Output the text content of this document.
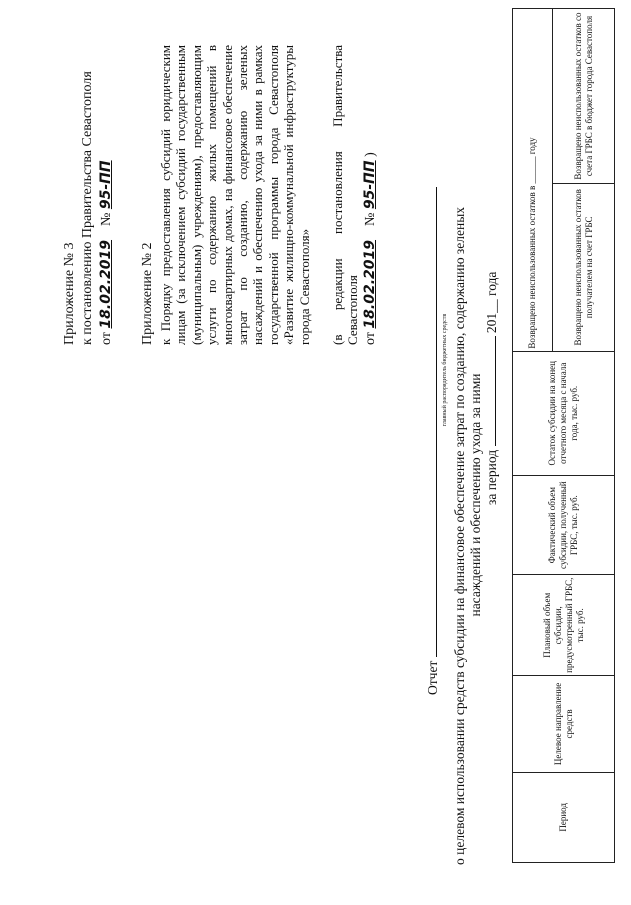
Приложение № 3 к постановлению Правительства Севастополя от 18.02.2019    № 95-ПП
Приложение № 2 к Порядку предоставления субсидий юридическим лицам (за исключением субсидий государственным (муниципальным) учреждениям), предоставляющим услуги по содержанию жилых помещений в многоквартирных домах, на финансовое обеспечение затрат по созданию, содержанию зеленых насаждений и обеспечению ухода за ними в рамках государственной программы города Севастополя «Развитие жилищно-коммунальной инфраструктуры города Севастополя» (в редакции постановления Правительства Севастополя от 18.02.2019    № 95-ПП )
Отчет
главный распорядитель бюджетных средств о целевом использовании средств субсидии на финансовое обеспечение затрат по созданию, содержанию зеленых насаждений и обеспечению ухода за ними за период  201__ года
Период	Целевое направление средств	Плановый объем субсидии, предусмотренный ГРБС, тыс. руб.	Фактический объем субсидии, полученный ГРБС, тыс. руб.	Остаток субсидии на конец отчетного месяца с начала года, тыс. руб.	Возвращено неиспользованных остатков в ______ году	
					Возвращено неиспользованных остатков получателем на счет ГРБС	Возвращено неиспользованных остатков со счета ГРБС в бюджет города Севастополя
